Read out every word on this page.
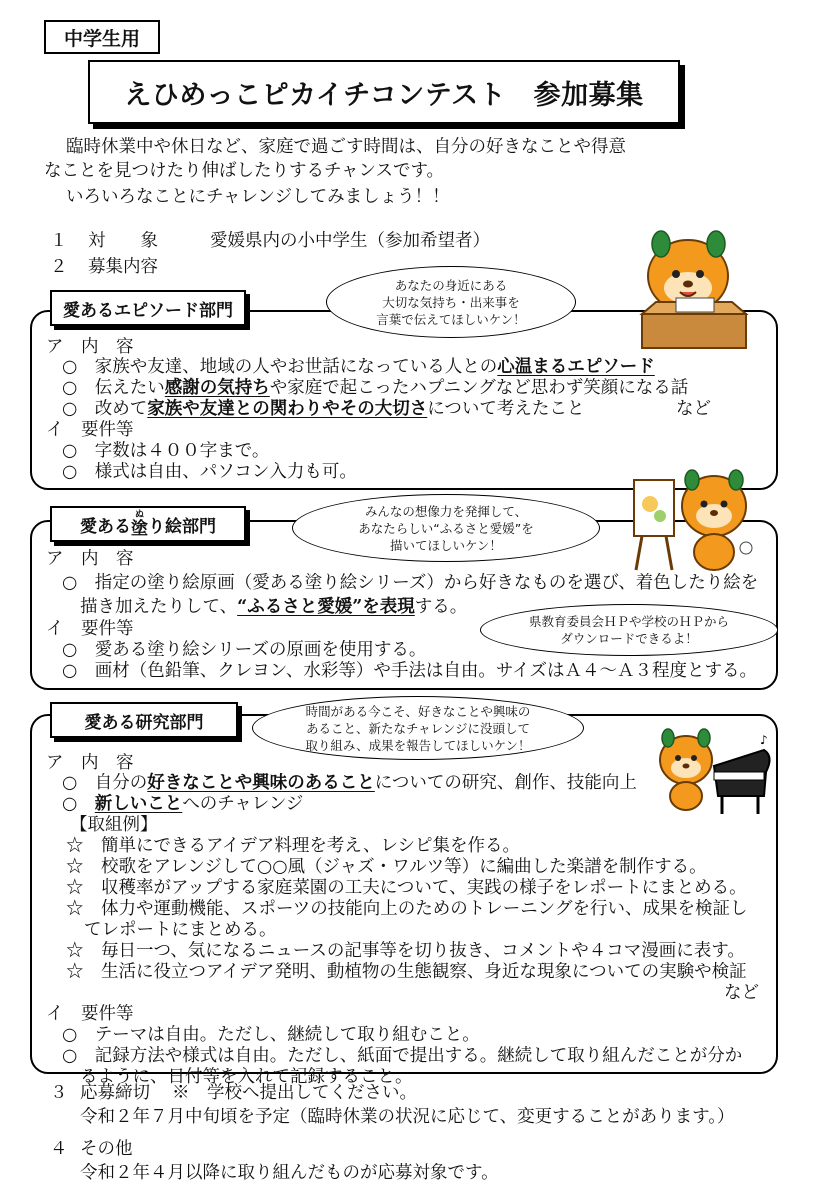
中学生用
えひめっこピカイチコンテスト　参加募集
臨時休業中や休日など、家庭で過ごす時間は、自分の好きなことや得意
なことを見つけたり伸ばしたりするチャンスです。
いろいろなことにチャレンジしてみましょう！！
１ 対　　象	愛媛県内の小中学生（参加希望者）
２ 募集内容
愛あるエピソード部門
あなたの身近にある
大切な気持ち・出来事を
言葉で伝えてほしいケン！
ア　内　容
○　家族や友達、地域の人やお世話になっている人との心温まるエピソード
○　伝えたい感謝の気持ちや家庭で起こったハプニングなど思わず笑顔になる話
○　改めて家族や友達との関わりやその大切さについて考えたこと	など
イ　要件等
○　字数は４００字まで。
○　様式は自由、パソコン入力も可。
愛ある 塗ぬ
り絵部門
みんなの想像力を発揮して、
あなたらしい“ふるさと愛媛”を
描いてほしいケン！
県教育委員会ＨＰや学校のＨＰから
ダウンロードできるよ！
ア　内　容
○　指定の塗り絵原画（愛ある塗り絵シリーズ）から好きなものを選び、着色したり絵を
描き加えたりして、“ふるさと愛媛”を表現する。
イ　要件等
○　愛ある塗り絵シリーズの原画を使用する。
○　画材（色鉛筆、クレヨン、水彩等）や手法は自由。サイズはＡ４～Ａ３程度とする。
愛ある研究部門
時間がある今こそ、好きなことや興味の
あること、新たなチャレンジに没頭して
取り組み、成果を報告してほしいケン！
ア　内　容
○　自分の好きなことや興味のあることについての研究、創作、技能向上
○　新しいことへのチャレンジ
【取組例】
☆　簡単にできるアイデア料理を考え、レシピ集を作る。
☆　校歌をアレンジして○○風（ジャズ・ワルツ等）に編曲した楽譜を制作する。
☆　収穫率がアップする家庭菜園の工夫について、実践の様子をレポートにまとめる。
☆　体力や運動機能、スポーツの技能向上のためのトレーニングを行い、成果を検証し
てレポートにまとめる。
☆　毎日一つ、気になるニュースの記事等を切り抜き、コメントや４コマ漫画に表す。
☆　生活に役立つアイデア発明、動植物の生態観察、身近な現象についての実験や検証
など
イ　要件等
○　テーマは自由。ただし、継続して取り組むこと。
○　記録方法や様式は自由。ただし、紙面で提出する。継続して取り組んだことが分か
るように、日付等を入れて記録すること。
♪
３ 応募締切 ※　学校へ提出してください。
令和２年７月中旬頃を予定（臨時休業の状況に応じて、変更することがあります。）
４ その他
令和２年４月以降に取り組んだものが応募対象です。
